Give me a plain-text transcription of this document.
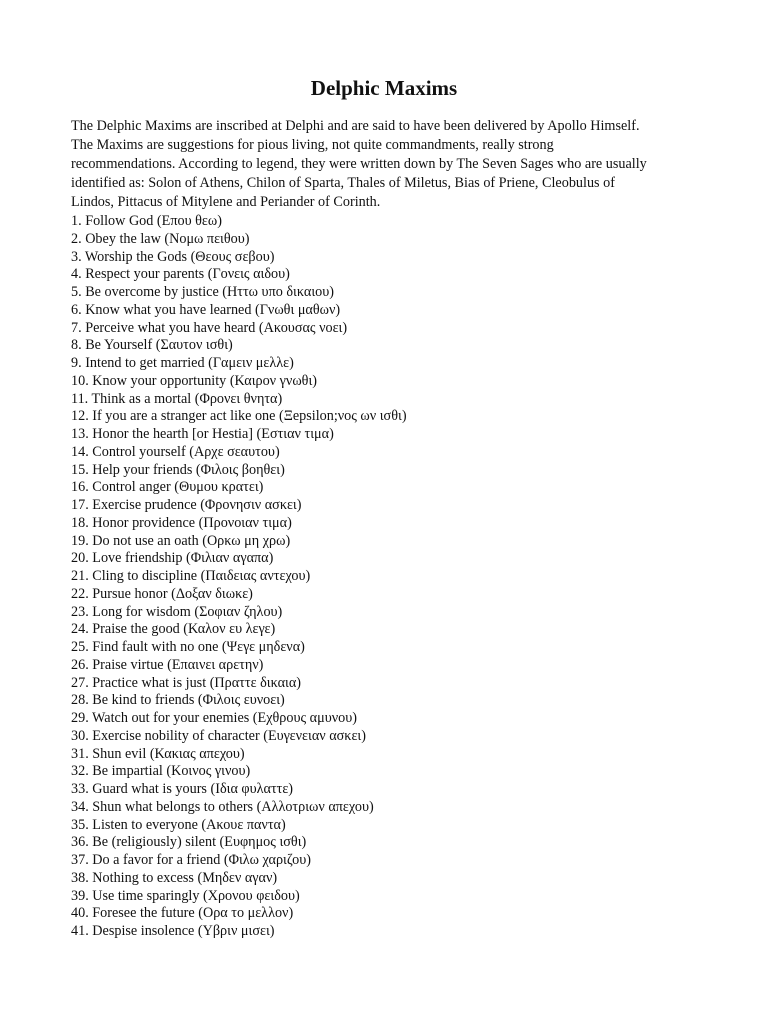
Delphic Maxims
The Delphic Maxims are inscribed at Delphi and are said to have been delivered by Apollo Himself.
The Maxims are suggestions for pious living, not quite commandments, really strong
recommendations. According to legend, they were written down by The Seven Sages who are usually
identified as: Solon of Athens, Chilon of Sparta, Thales of Miletus, Bias of Priene, Cleobulus of
Lindos, Pittacus of Mitylene and Periander of Corinth.
1. Follow God (Επου θεω)
2. Obey the law (Νομω πειθου)
3. Worship the Gods (Θεους σεβου)
4. Respect your parents (Γονεις αιδου)
5. Be overcome by justice (Ηττω υπο δικαιου)
6. Know what you have learned (Γνωθι μαθων)
7. Perceive what you have heard (Ακουσας νοει)
8. Be Yourself (Σαυτον ισθι)
9. Intend to get married (Γαμειν μελλε)
10. Know your opportunity (Καιρον γνωθι)
11. Think as a mortal (Φρονει θνητα)
12. If you are a stranger act like one (Ξepsilon;νος ων ισθι)
13. Honor the hearth [or Hestia] (Εστιαν τιμα)
14. Control yourself (Αρχε σεαυτου)
15. Help your friends (Φιλοις βοηθει)
16. Control anger (Θυμου κρατει)
17. Exercise prudence (Φρονησιν ασκει)
18. Honor providence (Προνοιαν τιμα)
19. Do not use an oath (Ορκω μη χρω)
20. Love friendship (Φιλιαν αγαπα)
21. Cling to discipline (Παιδειας αντεχου)
22. Pursue honor (Δοξαν διωκε)
23. Long for wisdom (Σοφιαν ζηλου)
24. Praise the good (Καλον ευ λεγε)
25. Find fault with no one (Ψεγε μηδενα)
26. Praise virtue (Επαινει αρετην)
27. Practice what is just (Πραττε δικαια)
28. Be kind to friends (Φιλοις ευνοει)
29. Watch out for your enemies (Εχθρους αμυνου)
30. Exercise nobility of character (Ευγενειαν ασκει)
31. Shun evil (Κακιας απεχου)
32. Be impartial (Κοινος γινου)
33. Guard what is yours (Ιδια φυλαττε)
34. Shun what belongs to others (Αλλοτριων απεχου)
35. Listen to everyone (Ακουε παντα)
36. Be (religiously) silent (Ευφημος ισθι)
37. Do a favor for a friend (Φιλω χαριζου)
38. Nothing to excess (Μηδεν αγαν)
39. Use time sparingly (Χρονου φειδου)
40. Foresee the future (Ορα το μελλον)
41. Despise insolence (Υβριν μισει)
